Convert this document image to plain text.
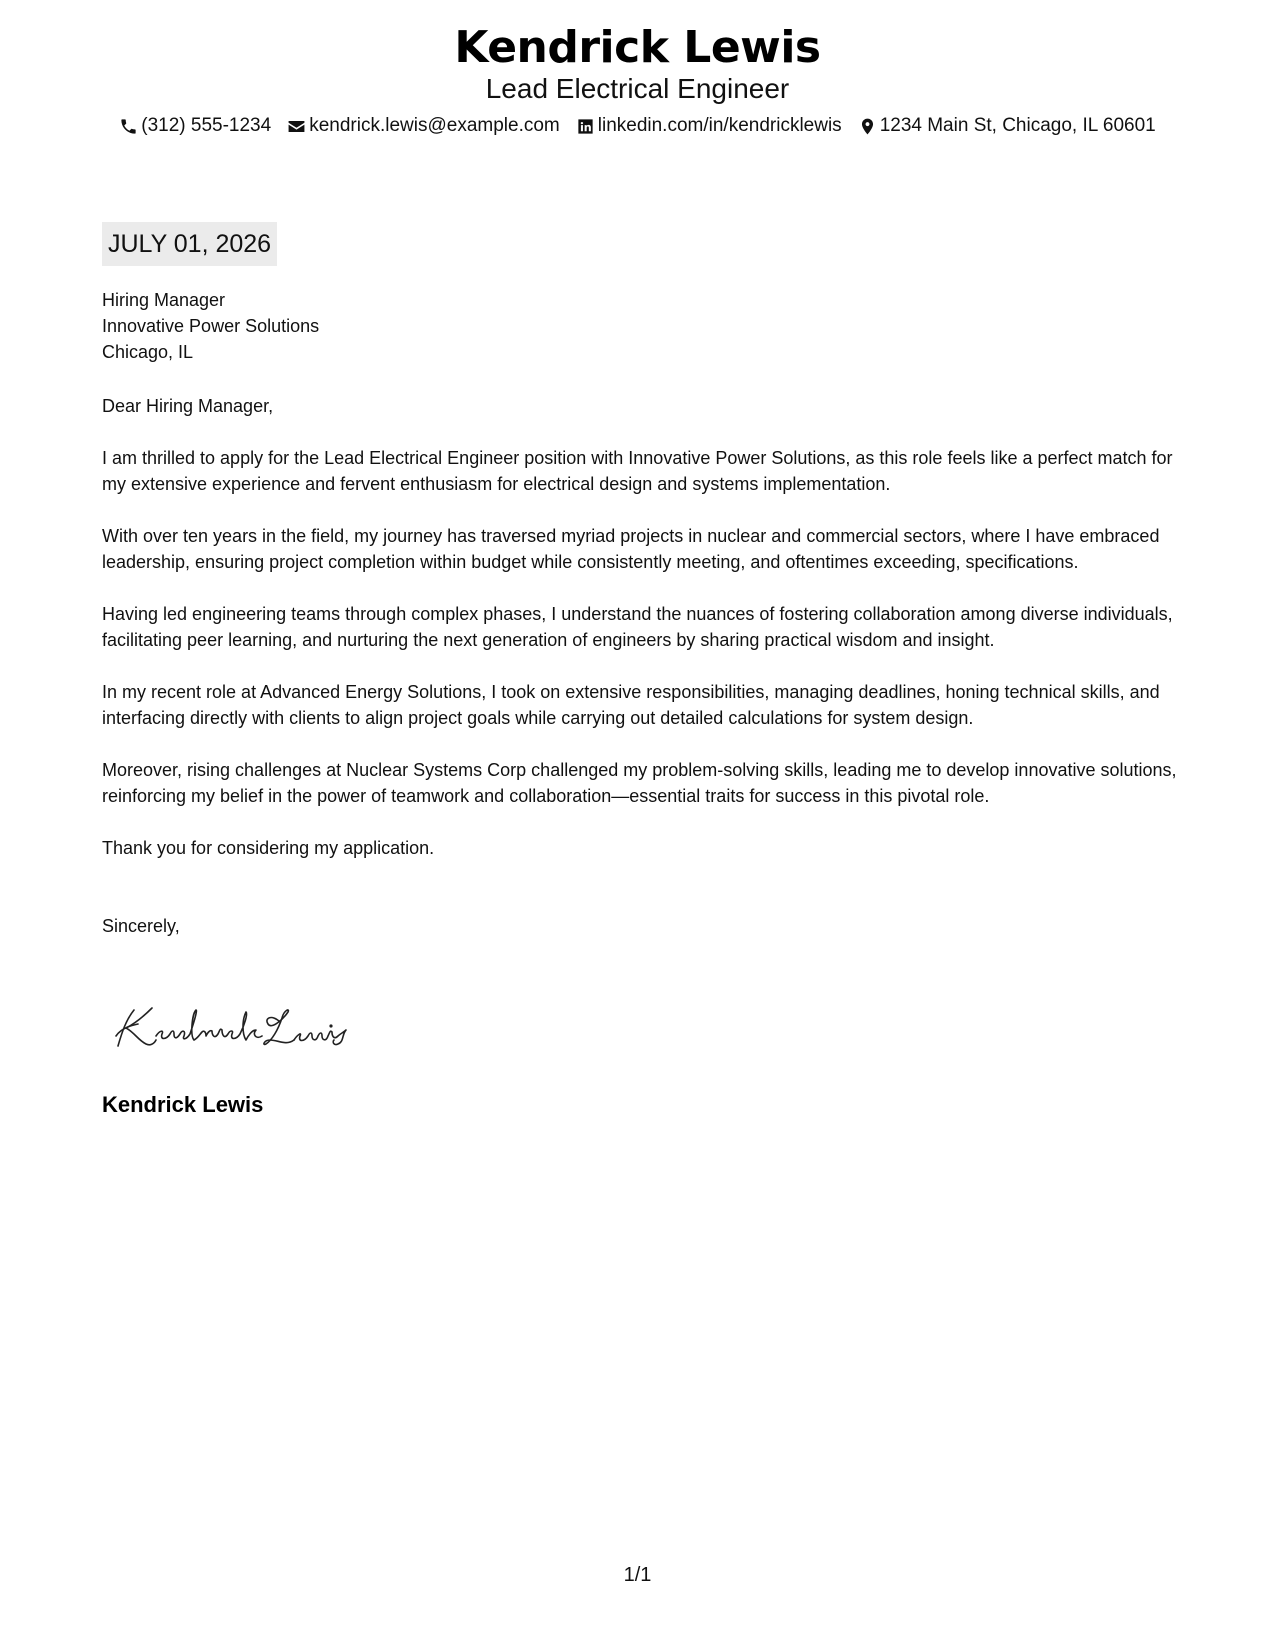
Kendrick Lewis
Lead Electrical Engineer
(312) 555-1234 kendrick.lewis@example.com linkedin.com/in/kendricklewis 1234 Main St, Chicago, IL 60601
JULY 01, 2026
Hiring Manager
Innovative Power Solutions
Chicago, IL
Dear Hiring Manager,
I am thrilled to apply for the Lead Electrical Engineer position with Innovative Power Solutions, as this role feels like a perfect match for my extensive experience and fervent enthusiasm for electrical design and systems implementation.
With over ten years in the field, my journey has traversed myriad projects in nuclear and commercial sectors, where I have embraced leadership, ensuring project completion within budget while consistently meeting, and oftentimes exceeding, specifications.
Having led engineering teams through complex phases, I understand the nuances of fostering collaboration among diverse individuals, facilitating peer learning, and nurturing the next generation of engineers by sharing practical wisdom and insight.
In my recent role at Advanced Energy Solutions, I took on extensive responsibilities, managing deadlines, honing technical skills, and interfacing directly with clients to align project goals while carrying out detailed calculations for system design.
Moreover, rising challenges at Nuclear Systems Corp challenged my problem-solving skills, leading me to develop innovative solutions, reinforcing my belief in the power of teamwork and collaboration—essential traits for success in this pivotal role.
Thank you for considering my application.
Sincerely,
Kendrick Lewis
1/1
